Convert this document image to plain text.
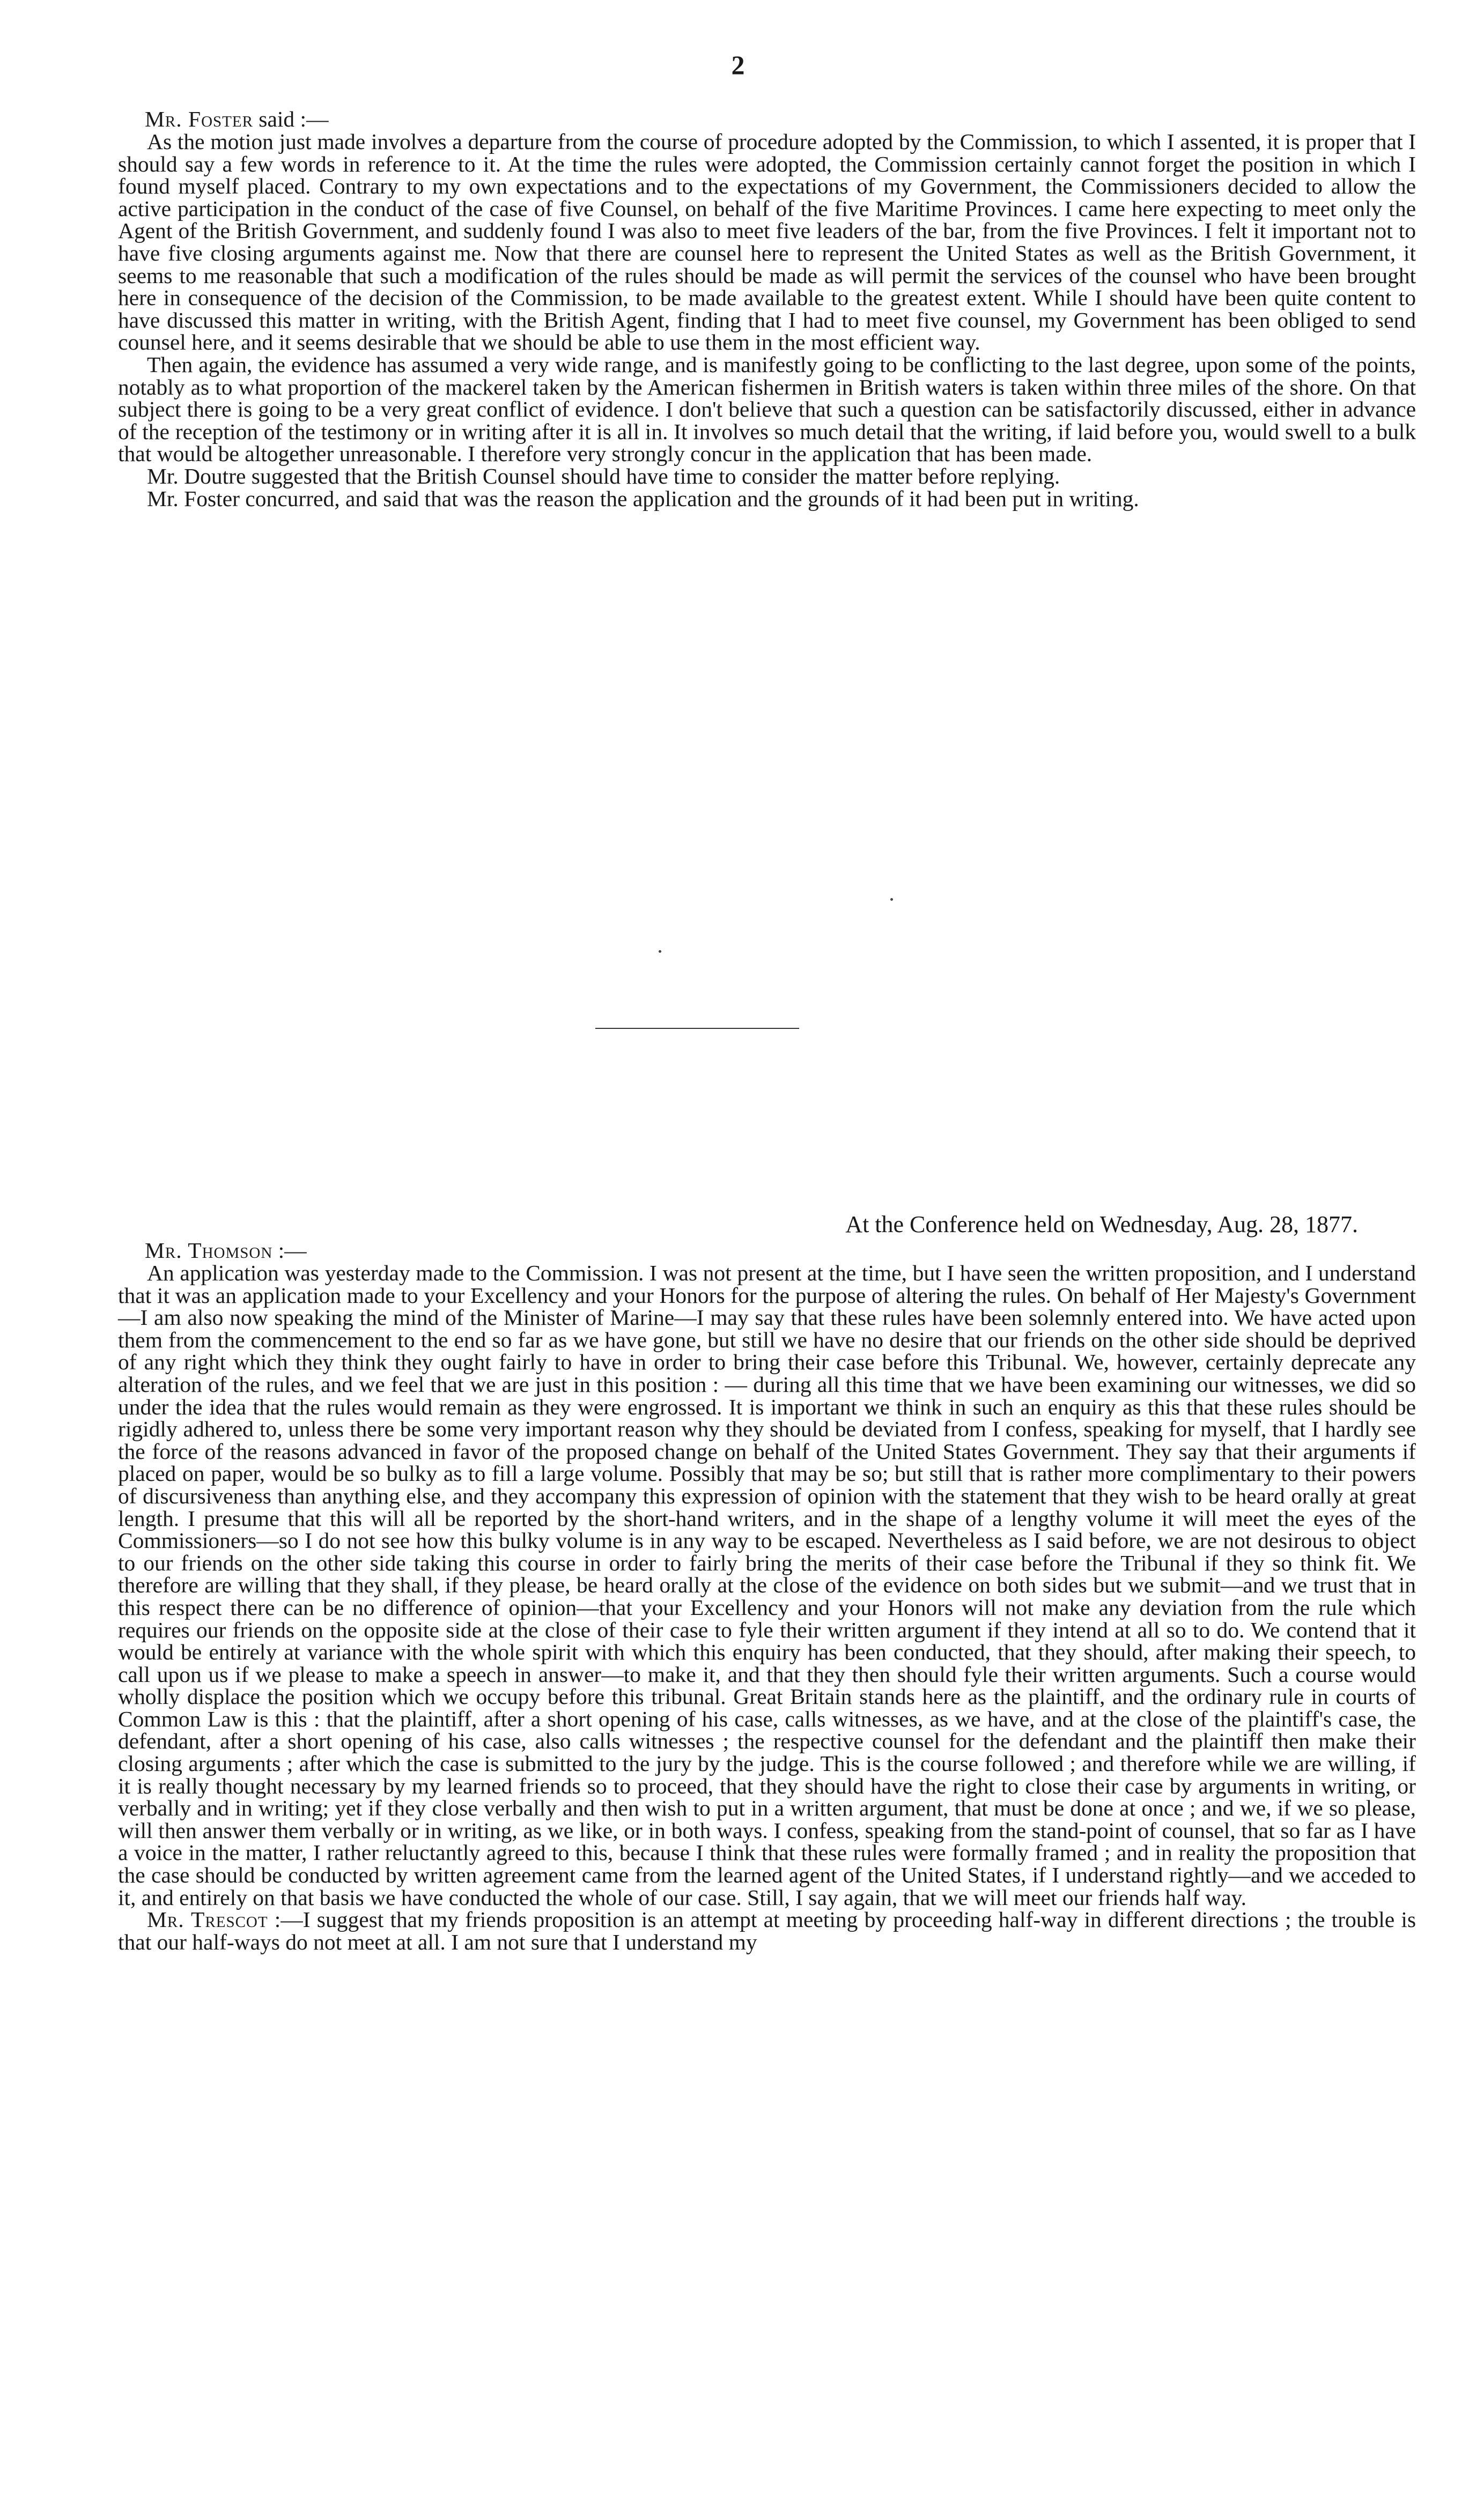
2

Mr. Foster said :—

As the motion just made involves a departure from the course of procedure adopted by the Commission, to which I assented, it is proper that I should say a few words in reference to it. At the time the rules were adopted, the Commission certainly cannot forget the position in which I found myself placed. Contrary to my own expectations and to the expectations of my Government, the Commissioners decided to allow the active participation in the conduct of the case of five Counsel, on behalf of the five Maritime Provinces. I came here expecting to meet only the Agent of the British Government, and suddenly found I was also to meet five leaders of the bar, from the five Provinces. I felt it important not to have five closing arguments against me. Now that there are counsel here to represent the United States as well as the British Government, it seems to me reasonable that such a modification of the rules should be made as will permit the services of the counsel who have been brought here in consequence of the decision of the Commission, to be made available to the greatest extent. While I should have been quite content to have discussed this matter in writing, with the British Agent, finding that I had to meet five counsel, my Government has been obliged to send counsel here, and it seems desirable that we should be able to use them in the most efficient way.

Then again, the evidence has assumed a very wide range, and is manifestly going to be conflicting to the last degree, upon some of the points, notably as to what proportion of the mackerel taken by the American fishermen in British waters is taken within three miles of the shore. On that subject there is going to be a very great conflict of evidence. I don't believe that such a question can be satisfactorily discussed, either in advance of the reception of the testimony or in writing after it is all in. It involves so much detail that the writing, if laid before you, would swell to a bulk that would be altogether unreasonable. I therefore very strongly concur in the application that has been made.

Mr. Doutre suggested that the British Counsel should have time to consider the matter before replying.

Mr. Foster concurred, and said that was the reason the application and the grounds of it had been put in writing.

At the Conference held on Wednesday, Aug. 28, 1877.

Mr. Thomson :—

An application was yesterday made to the Commission. I was not present at the time, but I have seen the written proposition, and I understand that it was an application made to your Excellency and your Honors for the purpose of altering the rules. On behalf of Her Majesty's Government—I am also now speaking the mind of the Minister of Marine—I may say that these rules have been solemnly entered into. We have acted upon them from the commencement to the end so far as we have gone, but still we have no desire that our friends on the other side should be deprived of any right which they think they ought fairly to have in order to bring their case before this Tribunal. We, however, certainly deprecate any alteration of the rules, and we feel that we are just in this position : — during all this time that we have been examining our witnesses, we did so under the idea that the rules would remain as they were engrossed. It is important we think in such an enquiry as this that these rules should be rigidly adhered to, unless there be some very important reason why they should be deviated from I confess, speaking for myself, that I hardly see the force of the reasons advanced in favor of the proposed change on behalf of the United States Government. They say that their arguments if placed on paper, would be so bulky as to fill a large volume. Possibly that may be so; but still that is rather more complimentary to their powers of discursiveness than anything else, and they accompany this expression of opinion with the statement that they wish to be heard orally at great length. I presume that this will all be reported by the short-hand writers, and in the shape of a lengthy volume it will meet the eyes of the Commissioners—so I do not see how this bulky volume is in any way to be escaped. Nevertheless as I said before, we are not desirous to object to our friends on the other side taking this course in order to fairly bring the merits of their case before the Tribunal if they so think fit. We therefore are willing that they shall, if they please, be heard orally at the close of the evidence on both sides but we submit—and we trust that in this respect there can be no difference of opinion—that your Excellency and your Honors will not make any deviation from the rule which requires our friends on the opposite side at the close of their case to fyle their written argument if they intend at all so to do. We contend that it would be entirely at variance with the whole spirit with which this enquiry has been conducted, that they should, after making their speech, to call upon us if we please to make a speech in answer—to make it, and that they then should fyle their written arguments. Such a course would wholly displace the position which we occupy before this tribunal. Great Britain stands here as the plaintiff, and the ordinary rule in courts of Common Law is this : that the plaintiff, after a short opening of his case, calls witnesses, as we have, and at the close of the plaintiff's case, the defendant, after a short opening of his case, also calls witnesses ; the respective counsel for the defendant and the plaintiff then make their closing arguments ; after which the case is submitted to the jury by the judge. This is the course followed ; and therefore while we are willing, if it is really thought necessary by my learned friends so to proceed, that they should have the right to close their case by arguments in writing, or verbally and in writing; yet if they close verbally and then wish to put in a written argument, that must be done at once ; and we, if we so please, will then answer them verbally or in writing, as we like, or in both ways. I confess, speaking from the stand-point of counsel, that so far as I have a voice in the matter, I rather reluctantly agreed to this, because I think that these rules were formally framed ; and in reality the proposition that the case should be conducted by written agreement came from the learned agent of the United States, if I understand rightly—and we acceded to it, and entirely on that basis we have conducted the whole of our case. Still, I say again, that we will meet our friends half way.

Mr. Trescot :—I suggest that my friends proposition is an attempt at meeting by proceeding half-way in different directions ; the trouble is that our half-ways do not meet at all. I am not sure that I understand my
